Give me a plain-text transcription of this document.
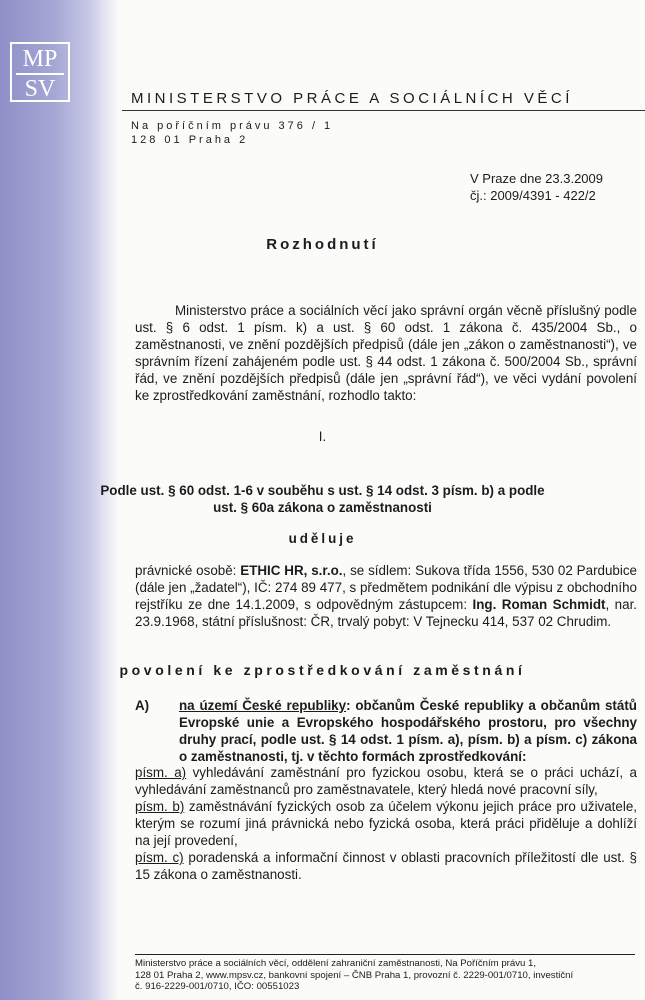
MP
SV	MINISTERSTVO PRÁCE A SOCIÁLNÍCH VĚCÍ
Na poříčním právu 376 / 1
128 01 Praha 2
V Praze dne 23.3.2009
čj.: 2009/4391 - 422/2
Rozhodnutí
Ministerstvo práce a sociálních věcí jako správní orgán věcně příslušný podle ust. § 6 odst. 1 písm. k) a ust. § 60 odst. 1 zákona č. 435/2004 Sb., o zaměstnanosti, ve znění pozdějších předpisů (dále jen „zákon o zaměstnanosti“), ve správním řízení zahájeném podle ust. § 44 odst. 1 zákona č. 500/2004 Sb., správní řád, ve znění pozdějších předpisů (dále jen „správní řád“), ve věci vydání povolení ke zprostředkování zaměstnání, rozhodlo takto:
I.
Podle ust. § 60 odst. 1-6 v souběhu s ust. § 14 odst. 3 písm. b) a podle
ust. § 60a zákona o zaměstnanosti
uděluje
právnické osobě: ETHIC HR, s.r.o., se sídlem: Sukova třída 1556, 530 02 Pardubice (dále jen „žadatel“), IČ: 274 89 477, s předmětem podnikání dle výpisu z obchodního rejstříku ze dne 14.1.2009, s odpovědným zástupcem: Ing. Roman Schmidt, nar. 23.9.1968, státní příslušnost: ČR, trvalý pobyt: V Tejnecku 414, 537 02 Chrudim.
povolení ke zprostředkování zaměstnání
A) na území České republiky: občanům České republiky a občanům států Evropské unie a Evropského hospodářského prostoru, pro všechny druhy prací, podle ust. § 14 odst. 1 písm. a), písm. b) a písm. c) zákona o zaměstnanosti, tj. v těchto formách zprostředkování:
písm. a) vyhledávání zaměstnání pro fyzickou osobu, která se o práci uchází, a vyhledávání zaměstnanců pro zaměstnavatele, který hledá nové pracovní síly,
písm. b) zaměstnávání fyzických osob za účelem výkonu jejich práce pro uživatele, kterým se rozumí jiná právnická nebo fyzická osoba, která práci přiděluje a dohlíží na její provedení,
písm. c) poradenská a informační činnost v oblasti pracovních příležitostí dle ust. § 15 zákona o zaměstnanosti.
Ministerstvo práce a sociálních věcí, oddělení zahraniční zaměstnanosti, Na Poříčním právu 1,
128 01 Praha 2, www.mpsv.cz, bankovní spojení – ČNB Praha 1, provozní č. 2229-001/0710, investiční
č. 916-2229-001/0710, IČO: 00551023
